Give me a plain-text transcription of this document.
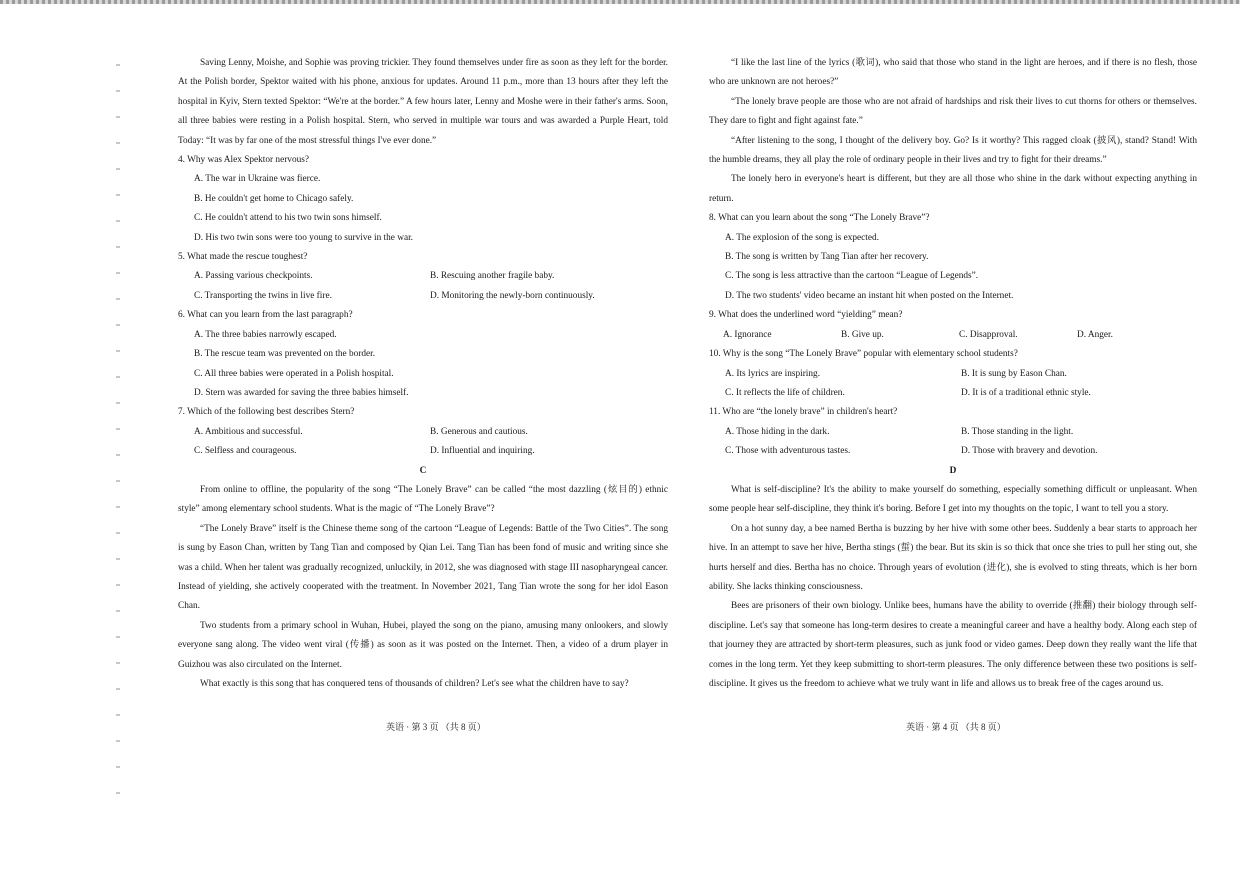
Saving Lenny, Moishe, and Sophie was proving trickier. They found themselves under fire as soon as they left for the border. At the Polish border, Spektor waited with his phone, anxious for updates. Around 11 p.m., more than 13 hours after they left the hospital in Kyiv, Stern texted Spektor: “We're at the border.” A few hours later, Lenny and Moshe were in their father's arms. Soon, all three babies were resting in a Polish hospital. Stern, who served in multiple war tours and was awarded a Purple Heart, told Today: “It was by far one of the most stressful things I've ever done.”

4. Why was Alex Spektor nervous?

A. The war in Ukraine was fierce.

B. He couldn't get home to Chicago safely.

C. He couldn't attend to his two twin sons himself.

D. His two twin sons were too young to survive in the war.

5. What made the rescue toughest?

A. Passing various checkpoints.	B. Rescuing another fragile baby.
C. Transporting the twins in live fire.	D. Monitoring the newly-born continuously.

6. What can you learn from the last paragraph?

A. The three babies narrowly escaped.

B. The rescue team was prevented on the border.

C. All three babies were operated in a Polish hospital.

D. Stern was awarded for saving the three babies himself.

7. Which of the following best describes Stern?

A. Ambitious and successful.	B. Generous and cautious.
C. Selfless and courageous.	D. Influential and inquiring.

C

From online to offline, the popularity of the song “The Lonely Brave” can be called “the most dazzling (炫目的) ethnic style” among elementary school students. What is the magic of “The Lonely Brave”?

“The Lonely Brave” itself is the Chinese theme song of the cartoon “League of Legends: Battle of the Two Cities”. The song is sung by Eason Chan, written by Tang Tian and composed by Qian Lei. Tang Tian has been fond of music and writing since she was a child. When her talent was gradually recognized, unluckily, in 2012, she was diagnosed with stage III nasopharyngeal cancer. Instead of yielding, she actively cooperated with the treatment. In November 2021, Tang Tian wrote the song for her idol Eason Chan.

Two students from a primary school in Wuhan, Hubei, played the song on the piano, amusing many onlookers, and slowly everyone sang along. The video went viral (传播) as soon as it was posted on the Internet. Then, a video of a drum player in Guizhou was also circulated on the Internet.

What exactly is this song that has conquered tens of thousands of children? Let's see what the children have to say?

“I like the last line of the lyrics (歌词), who said that those who stand in the light are heroes, and if there is no flesh, those who are unknown are not heroes?”

“The lonely brave people are those who are not afraid of hardships and risk their lives to cut thorns for others or themselves. They dare to fight and fight against fate.”

“After listening to the song, I thought of the delivery boy. Go? Is it worthy? This ragged cloak (披风), stand? Stand! With the humble dreams, they all play the role of ordinary people in their lives and try to fight for their dreams.”

The lonely hero in everyone's heart is different, but they are all those who shine in the dark without expecting anything in return.

8. What can you learn about the song “The Lonely Brave”?

A. The explosion of the song is expected.

B. The song is written by Tang Tian after her recovery.

C. The song is less attractive than the cartoon “League of Legends”.

D. The two students' video became an instant hit when posted on the Internet.

9. What does the underlined word “yielding” mean?

A. Ignorance	B. Give up.	C. Disapproval.	D. Anger.

10. Why is the song “The Lonely Brave” popular with elementary school students?

A. Its lyrics are inspiring.	B. It is sung by Eason Chan.
C. It reflects the life of children.	D. It is of a traditional ethnic style.

11. Who are “the lonely brave” in children's heart?

A. Those hiding in the dark.	B. Those standing in the light.
C. Those with adventurous tastes.	D. Those with bravery and devotion.

D

What is self-discipline? It's the ability to make yourself do something, especially something difficult or unpleasant. When some people hear self-discipline, they think it's boring. Before I get into my thoughts on the topic, I want to tell you a story.

On a hot sunny day, a bee named Bertha is buzzing by her hive with some other bees. Suddenly a bear starts to approach her hive. In an attempt to save her hive, Bertha stings (蜇) the bear. But its skin is so thick that once she tries to pull her sting out, she hurts herself and dies. Bertha has no choice. Through years of evolution (进化), she is evolved to sting threats, which is her born ability. She lacks thinking consciousness.

Bees are prisoners of their own biology. Unlike bees, humans have the ability to override (推翻) their biology through self-discipline. Let's say that someone has long-term desires to create a meaningful career and have a healthy body. Along each step of that journey they are attracted by short-term pleasures, such as junk food or video games. Deep down they really want the life that comes in the long term. Yet they keep submitting to short-term pleasures. The only difference between these two positions is self-discipline. It gives us the freedom to achieve what we truly want in life and allows us to break free of the cages around us.

英语 · 第 3 页 （共 8 页）	英语 · 第 4 页 （共 8 页）
